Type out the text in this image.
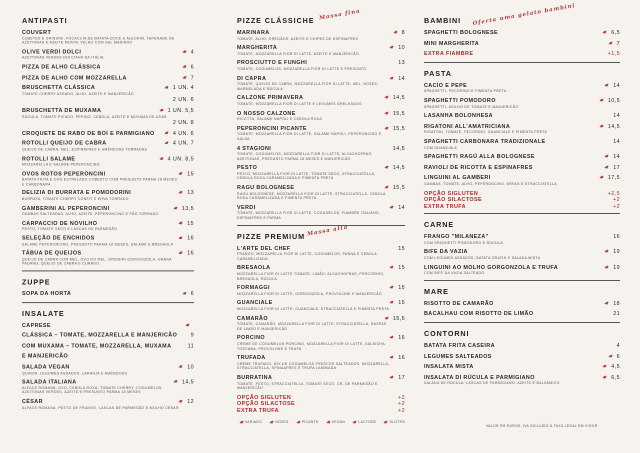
ANTIPASTI
COUVERT
CUBETES E GRISSINI, FOCACCIA DE BATATA-DOCE E ALECRIM, TAPENADE DE AZEITONAS E AZEITE MONTE VELHO COM SAL MARINHO
OLIVE VERDI DOLCI	4
AZEITONAS VERDES DOLCIANA DA ITÁLIA
PIZZA DE ALHO CLÁSSICA	6
PIZZA DE ALHO COM MOZZARELLA	7
BRUSCHETTA CLÁSSICA	1 UN. 4
TOMATE CHERRY ASSADO, ALHO, AZEITE E MANJERICÃO
2 UN. 6
BRUSCHETTA DE MUXAMA	1 UN. 5,5
RÚCULA, TOMATE PICADO, PEPINO, CEBOLA, AZEITE E MUXAMA DE ATUM
2 UN. 8
CROQUETE DE RABO DE BOI E PARMIGIANO	4 UN. 6
ROTOLLI QUEIJO DE CABRA	4 UN. 7
QUEIJO DE CABRA, MEL, ESPINAFRES E AMÊNDOAS TORRADAS
ROTOLLI SALAME	4 UN. 8,5
MOZZARELLA E SALAME PEPERONCINO
OVOS ROTOS PEPERONCINI	15
BATATA FRITA E OVO ESTRELADO COBERTO COM PRESUNTO PARMA 18 MESES E CARBONARA
DELIZIA DI BURRATA E POMODORINI	13
BURRATA, TOMATE CHERRY CONFIT E ERVA TORRADO
GAMBERINI AL PEPERONCINI	13,5
GAMBAS SALTEADAS, ALHO, AZEITE, PEPERONCINO E PÃO TORRADO
CARPACCIO DE NOVILHO	15
PESTO, TOMATE SECO E LASCAS DE PARMESÃO
SELEÇÃO DE ENCHIDOS	16
SALAME PEPERONCINO, PRESUNTO PARMA 18 MESES, SALAME E BRESAOLA
TÁBUA DE QUEIJOS	16
QUEIJO DE CABRA COM MEL, OVO DO MEL, GRISSINI GORGONZOLA, GRANA PADANO, QUEIJO DE CABRA E CURADO
ZUPPE
SOPA DA HORTA	6
INSALATE
CAPRESE
CLÁSSICA – TOMATE, MOZZARELLA E MANJERICÃO	9
COM MUXAMA – TOMATE, MOZZARELLA, MUXAMA	11
E MANJERICÃO
SALADA VEGAN	10
QUINOA, LEGUMES ASSADOS, LARANJA E AMÊNDOAS
SALADA ITALIANA	14,5
ALFACE ROMANA, OVO, CEBOLA ROXA, TOMATE CHERRY, COGUMELOS, AZEITONAS VERDES, AZEITE E PRESUNTO PARMA 18 MESES
CÉSAR	12
ALFACE ROMANA, PESTO DE FRANGO, LASCAS DE PARMESÃO E MOLHO CÉSAR
PIZZE CLÁSSICHE Massa fina
MARINARA	8
TOMATE, ALHO, ORÉGÃOS, AZEITE E CHIPES DE ESPINAFRES
MARGHERITA	10
TOMATE, MOZZARELLA FIOR DI LATTE, AZEITE E MANJERICÃO
PROSCIUTTO E FUNGHI	13
TOMATE, COGUMELOS, MOZZARELLA FIOR DI LATTE E PRESUNTO
DI CAPRA	14
TOMATE, QUEIJO DE CABRA, MOZZARELLA FIOR DI LATTE, MEL, NOZES, MARMELADA E RÚCULA
CALZONE PRIMAVERA	14,5
TOMATE, MOZZARELLA FIOR DI LATTE E LEGUMES GRELHADOS
O NOSSO CALZONE	15,5
RICOTTA, SALAME NAPOLI E CEBOLA ROXA
PEPERONCINI PICANTE	15,5
TOMATE, MOZZARELLA FIOR DI LATTE, SALAME NAPOLI, PEPERONCINO E SALSA
4 STAGIONI	14,5
TOMATE, COGUMELOS, MOZZARELLA FIOR DI LATTE, ALCACHOFRAS, AZEITONAS, PRESUNTO PARMA 18 MESES E MANJERICÃO
PESTO	14,5
PESTO, MOZZARELLA FIOR DI LATTE, TOMATE SECO, STRACCIATELLA, CEBOLA ROXA CARAMELIZADA E PIMENTA PRETA
RAGU BOLOGNESE	15,5
RAGU BOLOGNESE, MOZZARELLA FIOR DI LATTE, STRACCIATELLA, CEBOLA ROXA CARAMELIZADA E PIMENTA PRETA
VERDI	14
TOMATE, MOZZARELLA FIOR DI LATTE, COGUMELOS, FIAMBRE ITALIANO, ESPINAFRES E PARMA
PIZZE PREMIUM Massa alta
L'ARTE DEL CHEF	15
FRANGO, MOZZARELLA FIOR DI LATTE, COGUMELOS, PANNA E CEBOLA CARAMELIZADA
BRESAOLA	15
MOZZARELLA FIOR DI LATTE TOMATE, LIMÃO, ALCACHOFRAS, PERCORINO, BRESAOLA, RÚCULA
FORMAGGI	15
MOZZARELLA FIOR DI LATTE, GORGONZOLA, PROVOLONE E MANJERICÃO
GUANCIALE	15
MOZZARELLA FIOR DI LATTE, GUANCIALE, STRACCIATELLA E PIMENTA PRETA
CAMARÃO	15,5
TOMATE, CAMARÃO, MOZZARELLA FIOR DI LATTE, STRACCIATELLA, RASPAS DE LIMÃO E MANJERICÃO
PORCINO	16
CREME DE COGUMELOS PORCINO, MOZZARELLA FIOR DI LATTE, SALSICHA TOSCANA, PROVOLONE E TRUFA
TRUFADA	16
CREME TRUFADO, MIX DE COGUMELOS FRESCOS SALTEADOS, MOZZARELLA, STRACCIATELLA, SPINAAFRES E TRUFA LAMINADA
BURRATINA	17
TOMATE, PESTO, STRACCIATELLA, TOMATE SECO, CR. DE PARMESÃO E MANJERICÃO
OPÇÃO SIGLUTEN	+2
OPÇÃO SILACTOSE	+2
EXTRA TRUFA	+2
BAMBINI Oferta uma gelato bambini
SPAGHETTI BOLOGNESE	6,5
MINI MARGHERITA	7
EXTRA FIAMBRE	+1,5
PASTA
CACIO E PEPE	14
SPAGHETTI, PECORINO E PIMENTA PRETA
SPAGHETTI POMODORO	10,5
SPAGHETTI, MOLHO DE TOMATE E MANJERICÃO
LASANHA BOLONHESA	14
RIGATONI ALL'AMATRICIANA	14,5
RIGATONI, TOMATE, PECORINO, GUANCIALE E PIMENTA PRETA
SPAGHETTI CARBONARA TRADIZIONALE	14
COM GUANCIALE
SPAGHETTI RAGÚ ALLA BOLOGNESE	14
RAVIOLI DE RICOTTA E ESPINAFRES	17
LINGUINI AL GAMBERI	17,5
GAMBAS, TOMATE, ALHO, PEPERONCINO, ERVAS E STRACCIATELLA
OPÇÃO SIGLUTEN	+2,5
OPÇÃO SILACTOSE	+2
EXTRA TRUFA	+2
CARNE
FRANGO "MILANEZA"	16
COM SPAGHETTI POMODORO E RÚCULA
BIFE DA VAZIA	19
COM LEGUMES ASSADOS, BATATA GRATIN E SALADA MISTA
LINGUINI AO MOLHO GORGONZOLA E TRUFA	19
COM BIFE DA VAZIA SALTEADO
MARE
RISOTTO DE CAMARÃO	18
BACALHAU COM RISOTTO DE LIMÃO	21
CONTORNI
BATATA FRITA CASEIRA	4
LEGUMES SALTEADOS	6
INSALATA MISTA	4,5
INSALATA DI RÚCULA E PARMIGIANO	6,5
SALADA DE RÚCULA, LASCAS DE PARMIGIANO, AZEITE E BALSÂMICO
VARIADO	NOZES	PICANTE	VEGAN	LACTOSE	GLÚTEN
VALOR EM EUROS, IVA INCLUÍDO À TAXA LEGAL EM VIGOR
